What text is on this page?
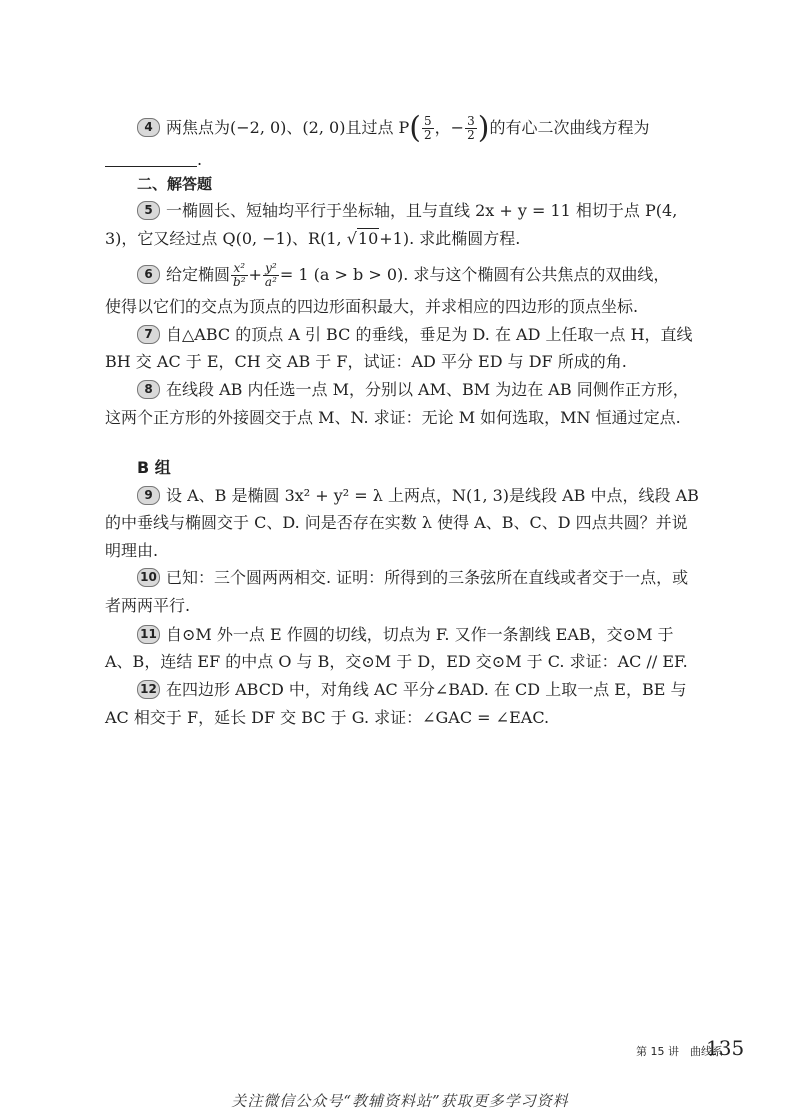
4 两焦点为(−2, 0)、(2, 0)且过点 $P( \frac{5}{2}$ ，− $\frac{3}{2}$ )的有心二次曲线方程为
.
二、解答题
5 一椭圆长、短轴均平行于坐标轴，且与直线 2x + y = 11 相切于点 P(4,
3)，它又经过点 Q(0, −1)、R(1, √10+1). 求此椭圆方程.
6 给定椭圆 $\frac{\text{x²}}{\text{b²}} + \frac{\text{y²}}{\text{a²}} = 1$ (a > b > 0). 求与这个椭圆有公共焦点的双曲线，
使得以它们的交点为顶点的四边形面积最大，并求相应的四边形的顶点坐标.
7 自△ABC 的顶点 A 引 BC 的垂线，垂足为 D. 在 AD 上任取一点 H，直线
BH 交 AC 于 E，CH 交 AB 于 F，试证：AD 平分 ED 与 DF 所成的角.
8 在线段 AB 内任选一点 M，分别以 AM、BM 为边在 AB 同侧作正方形，
这两个正方形的外接圆交于点 M、N. 求证：无论 M 如何选取，MN 恒通过定点.
B 组
9 设 A、B 是椭圆 3x² + y² = λ 上两点，N(1, 3)是线段 AB 中点，线段 AB
的中垂线与椭圆交于 C、D. 问是否存在实数 λ 使得 A、B、C、D 四点共圆？并说
明理由.
10 已知：三个圆两两相交. 证明：所得到的三条弦所在直线或者交于一点，或
者两两平行.
11 自⊙M 外一点 E 作圆的切线，切点为 F. 又作一条割线 EAB，交⊙M 于
A、B，连结 EF 的中点 O 与 B，交⊙M 于 D，ED 交⊙M 于 C. 求证：AC // EF.
12 在四边形 ABCD 中，对角线 AC 平分∠BAD. 在 CD 上取一点 E，BE 与
AC 相交于 F，延长 DF 交 BC 于 G. 求证：∠GAC = ∠EAC.
第 15 讲　曲线系
135
关注微信公众号“教辅资料站”获取更多学习资料
